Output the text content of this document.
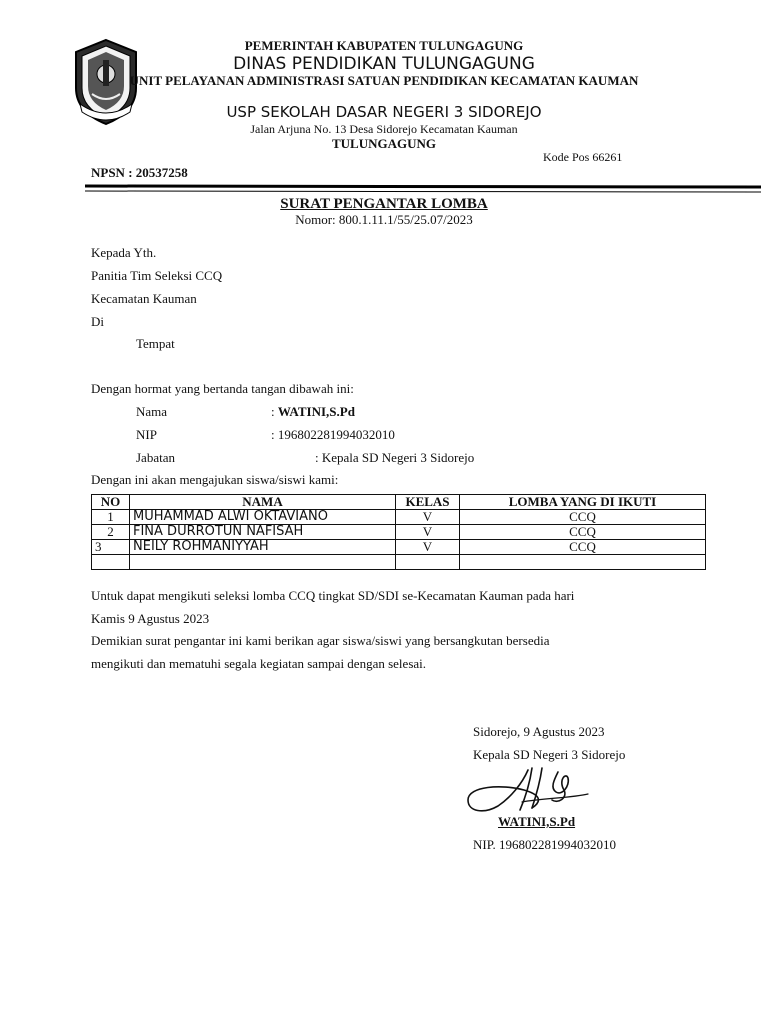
PEMERINTAH KABUPATEN TULUNGAGUNG
DINAS PENDIDIKAN TULUNGAGUNG
UNIT PELAYANAN ADMINISTRASI SATUAN PENDIDIKAN KECAMATAN KAUMAN
USP SEKOLAH DASAR NEGERI 3 SIDOREJO
Jalan Arjuna No. 13 Desa Sidorejo Kecamatan Kauman
TULUNGAGUNG
Kode Pos 66261
NPSN : 20537258
SURAT PENGANTAR LOMBA
Nomor: 800.1.11.1/55/25.07/2023
Kepada Yth.
Panitia Tim Seleksi CCQ
Kecamatan Kauman
Di
Tempat
Dengan hormat yang bertanda tangan dibawah ini:
Nama	: WATINI,S.Pd
NIP	: 196802281994032010
Jabatan	: Kepala SD Negeri 3 Sidorejo
Dengan ini akan mengajukan siswa/siswi kami:
NO	NAMA	KELAS	LOMBA YANG DI IKUTI
1	MUHAMMAD ALWI OKTAVIANO	V	CCQ
2	FINA DURROTUN NAFISAH	V	CCQ
3	NEILY ROHMANIYYAH	V	CCQ

Untuk dapat mengikuti seleksi lomba CCQ tingkat SD/SDI se-Kecamatan Kauman pada hari
Kamis 9 Agustus 2023
Demikian surat pengantar ini kami berikan agar siswa/siswi yang bersangkutan bersedia
mengikuti dan mematuhi segala kegiatan sampai dengan selesai.
Sidorejo, 9 Agustus 2023
Kepala SD Negeri 3 Sidorejo
WATINI,S.Pd
NIP. 196802281994032010
